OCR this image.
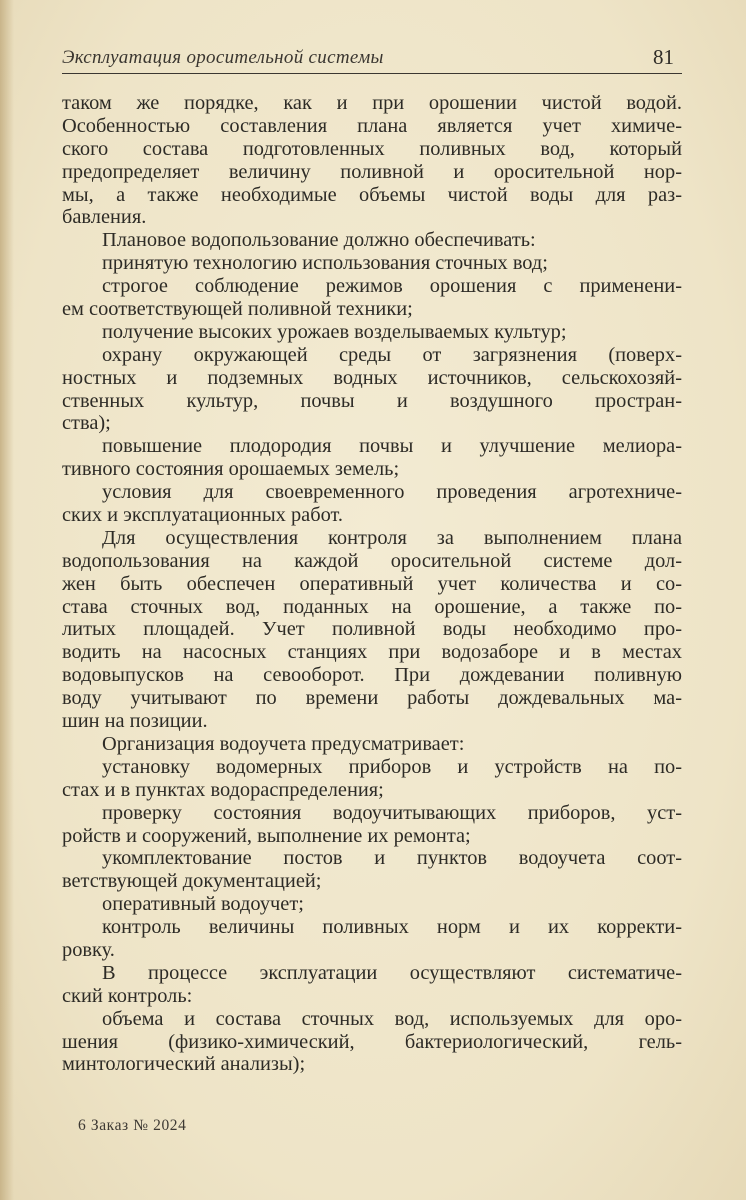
Эксплуатация оросительной системы	81
таком же порядке, как и при орошении чистой водой.
Особенностью составления плана является учет химиче-
ского состава подготовленных поливных вод, который
предопределяет величину поливной и оросительной нор-
мы, а также необходимые объемы чистой воды для раз-
бавления.
Плановое водопользование должно обеспечивать:
принятую технологию использования сточных вод;
строгое соблюдение режимов орошения с применени-
ем соответствующей поливной техники;
получение высоких урожаев возделываемых культур;
охрану окружающей среды от загрязнения (поверх-
ностных и подземных водных источников, сельскохозяй-
ственных культур, почвы и воздушного простран-
ства);
повышение плодородия почвы и улучшение мелиора-
тивного состояния орошаемых земель;
условия для своевременного проведения агротехниче-
ских и эксплуатационных работ.
Для осуществления контроля за выполнением плана
водопользования на каждой оросительной системе дол-
жен быть обеспечен оперативный учет количества и со-
става сточных вод, поданных на орошение, а также по-
литых площадей. Учет поливной воды необходимо про-
водить на насосных станциях при водозаборе и в местах
водовыпусков на севооборот. При дождевании поливную
воду учитывают по времени работы дождевальных ма-
шин на позиции.
Организация водоучета предусматривает:
установку водомерных приборов и устройств на по-
стах и в пунктах водораспределения;
проверку состояния водоучитывающих приборов, уст-
ройств и сооружений, выполнение их ремонта;
укомплектование постов и пунктов водоучета соот-
ветствующей документацией;
оперативный водоучет;
контроль величины поливных норм и их корректи-
ровку.
В процессе эксплуатации осуществляют систематиче-
ский контроль:
объема и состава сточных вод, используемых для оро-
шения (физико-химический, бактериологический, гель-
минтологический анализы);
6 Заказ № 2024
